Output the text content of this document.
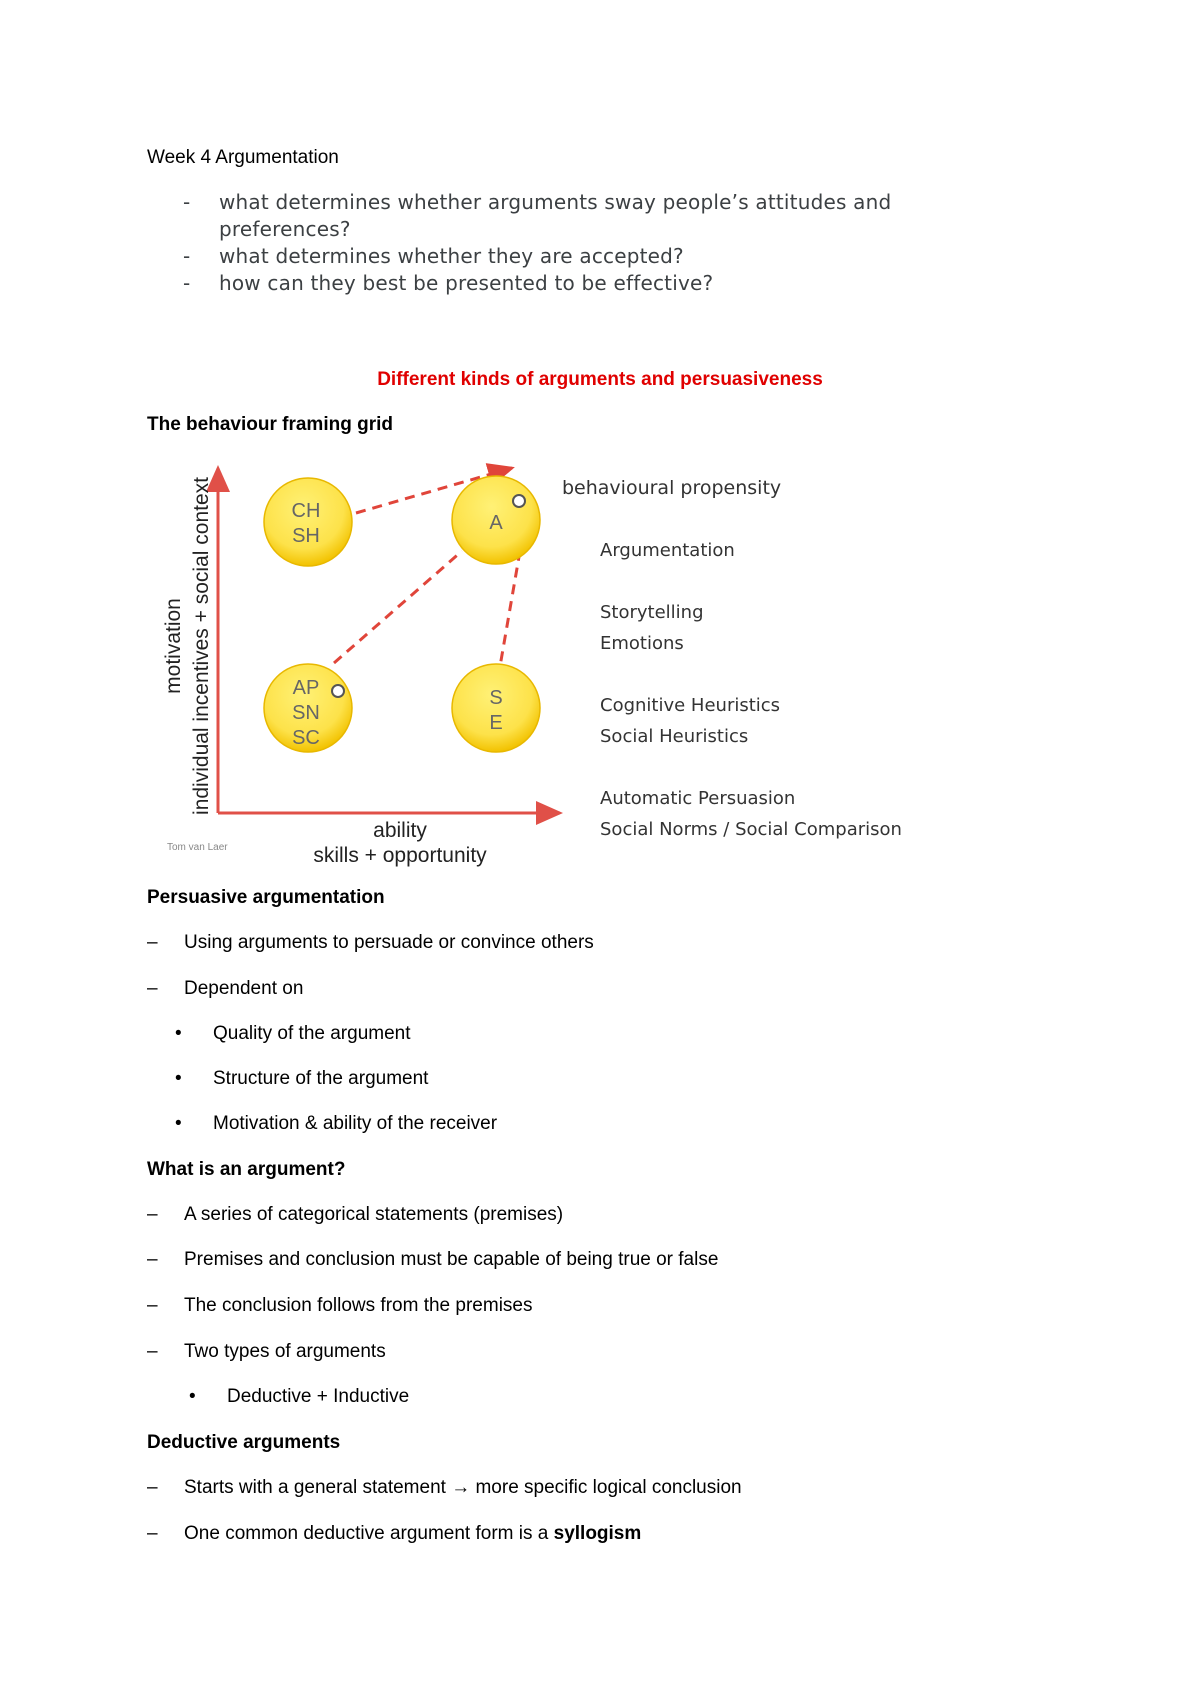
Week 4 Argumentation
- what determines whether arguments sway people’s attitudes and
preferences?
- what determines whether they are accepted?
- how can they best be presented to be effective?
Different kinds of arguments and persuasiveness
The behaviour framing grid
motivation individual incentives + social context
ability
skills + opportunity
Tom van Laer
CH
SH
A
AP
SN
SC
S
E
behavioural propensity
Argumentation
Storytelling
Emotions
Cognitive Heuristics
Social Heuristics
Automatic Persuasion
Social Norms / Social Comparison
Persuasive argumentation
– Using arguments to persuade or convince others
– Dependent on
• Quality of the argument
• Structure of the argument
• Motivation & ability of the receiver
What is an argument?
– A series of categorical statements (premises)
– Premises and conclusion must be capable of being true or false
– The conclusion follows from the premises
– Two types of arguments
• Deductive + Inductive
Deductive arguments
– Starts with a general statement → more specific logical conclusion
– One common deductive argument form is a syllogism
